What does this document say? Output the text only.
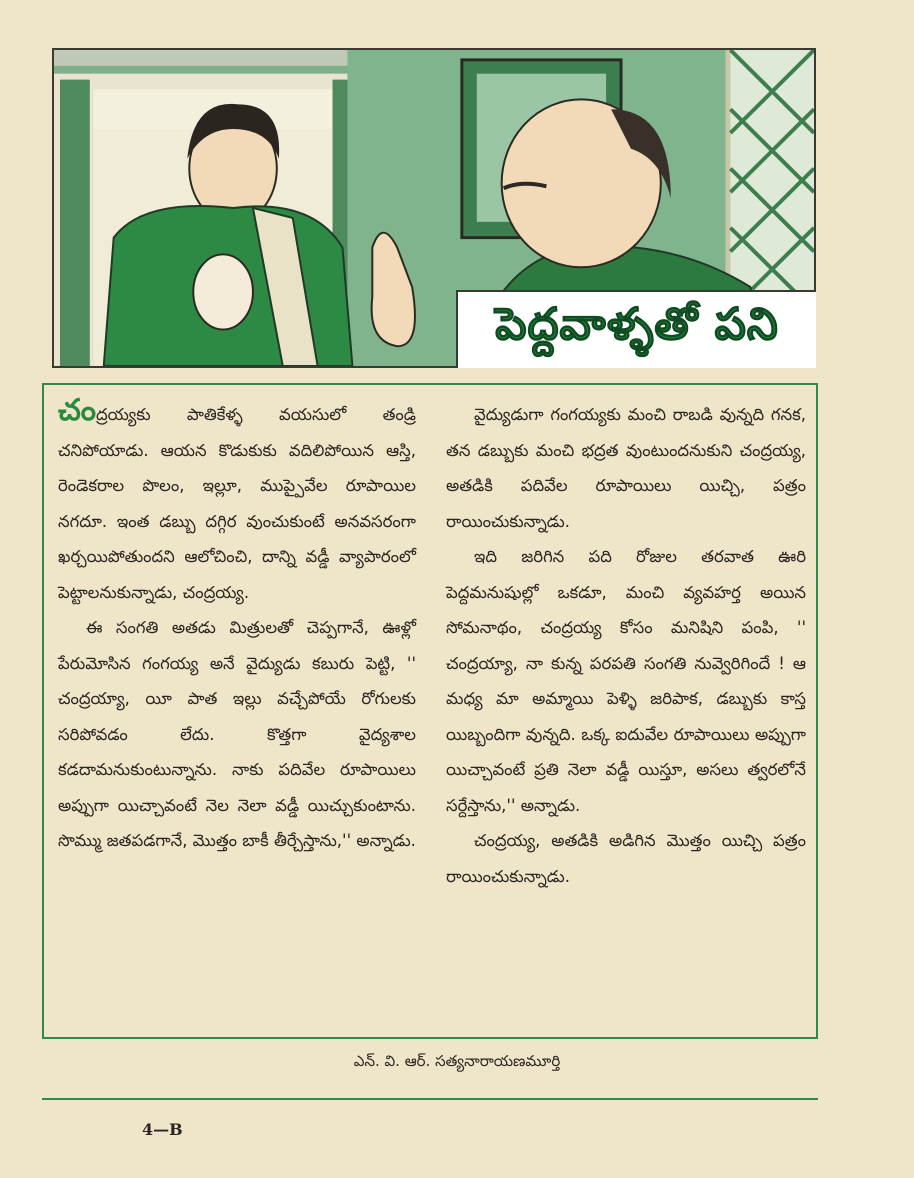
పెద్దవాళ్ళతో పని

చంద్రయ్యకు పాతికేళ్ళ వయసులో తండ్రి చనిపోయాడు. ఆయన కొడుకుకు వదిలిపోయిన ఆస్తి, రెండెకరాల పొలం, ఇల్లూ, ముప్పైవేల రూపాయిల నగదూ. ఇంత డబ్బు దగ్గిర వుంచుకుంటే అనవసరంగా ఖర్చయిపోతుందని ఆలోచించి, దాన్ని వడ్డీ వ్యాపారంలో పెట్టాలనుకున్నాడు, చంద్రయ్య.

ఈ సంగతి అతడు మిత్రులతో చెప్పగానే, ఊళ్లో పేరుమోసిన గంగయ్య అనే వైద్యుడు కబురు పెట్టి, '' చంద్రయ్యా, యీ పాత ఇల్లు వచ్చేపోయే రోగులకు సరిపోవడం లేదు. కొత్తగా వైద్యశాల కడదామనుకుంటున్నాను. నాకు పదివేల రూపాయిలు అప్పుగా యిచ్చావంటే నెల నెలా వడ్డీ యిచ్చుకుంటాను. సొమ్ము జతపడగానే, మొత్తం బాకీ తీర్చేస్తాను,'' అన్నాడు.

వైద్యుడుగా గంగయ్యకు మంచి రాబడి వున్నది గనక, తన డబ్బుకు మంచి భద్రత వుంటుందనుకుని చంద్రయ్య, అతడికి పదివేల రూపాయిలు యిచ్చి, పత్రం రాయించుకున్నాడు.

ఇది జరిగిన పది రోజుల తరవాత ఊరి పెద్దమనుషుల్లో ఒకడూ, మంచి వ్యవహర్త అయిన సోమనాథం, చంద్రయ్య కోసం మనిషిని పంపి, '' చంద్రయ్యా, నా కున్న పరపతి సంగతి నువ్వెరిగిందే ! ఆ మధ్య మా అమ్మాయి పెళ్ళి జరిపాక, డబ్బుకు కాస్త యిబ్బందిగా వున్నది. ఒక్క ఐదువేల రూపాయిలు అప్పుగా యిచ్చావంటే ప్రతి నెలా వడ్డీ యిస్తూ, అసలు త్వరలోనే సర్దేస్తాను,'' అన్నాడు.

చంద్రయ్య, అతడికి అడిగిన మొత్తం యిచ్చి పత్రం రాయించుకున్నాడు.

ఎన్. వి. ఆర్. సత్యనారాయణమూర్తి
4—B
